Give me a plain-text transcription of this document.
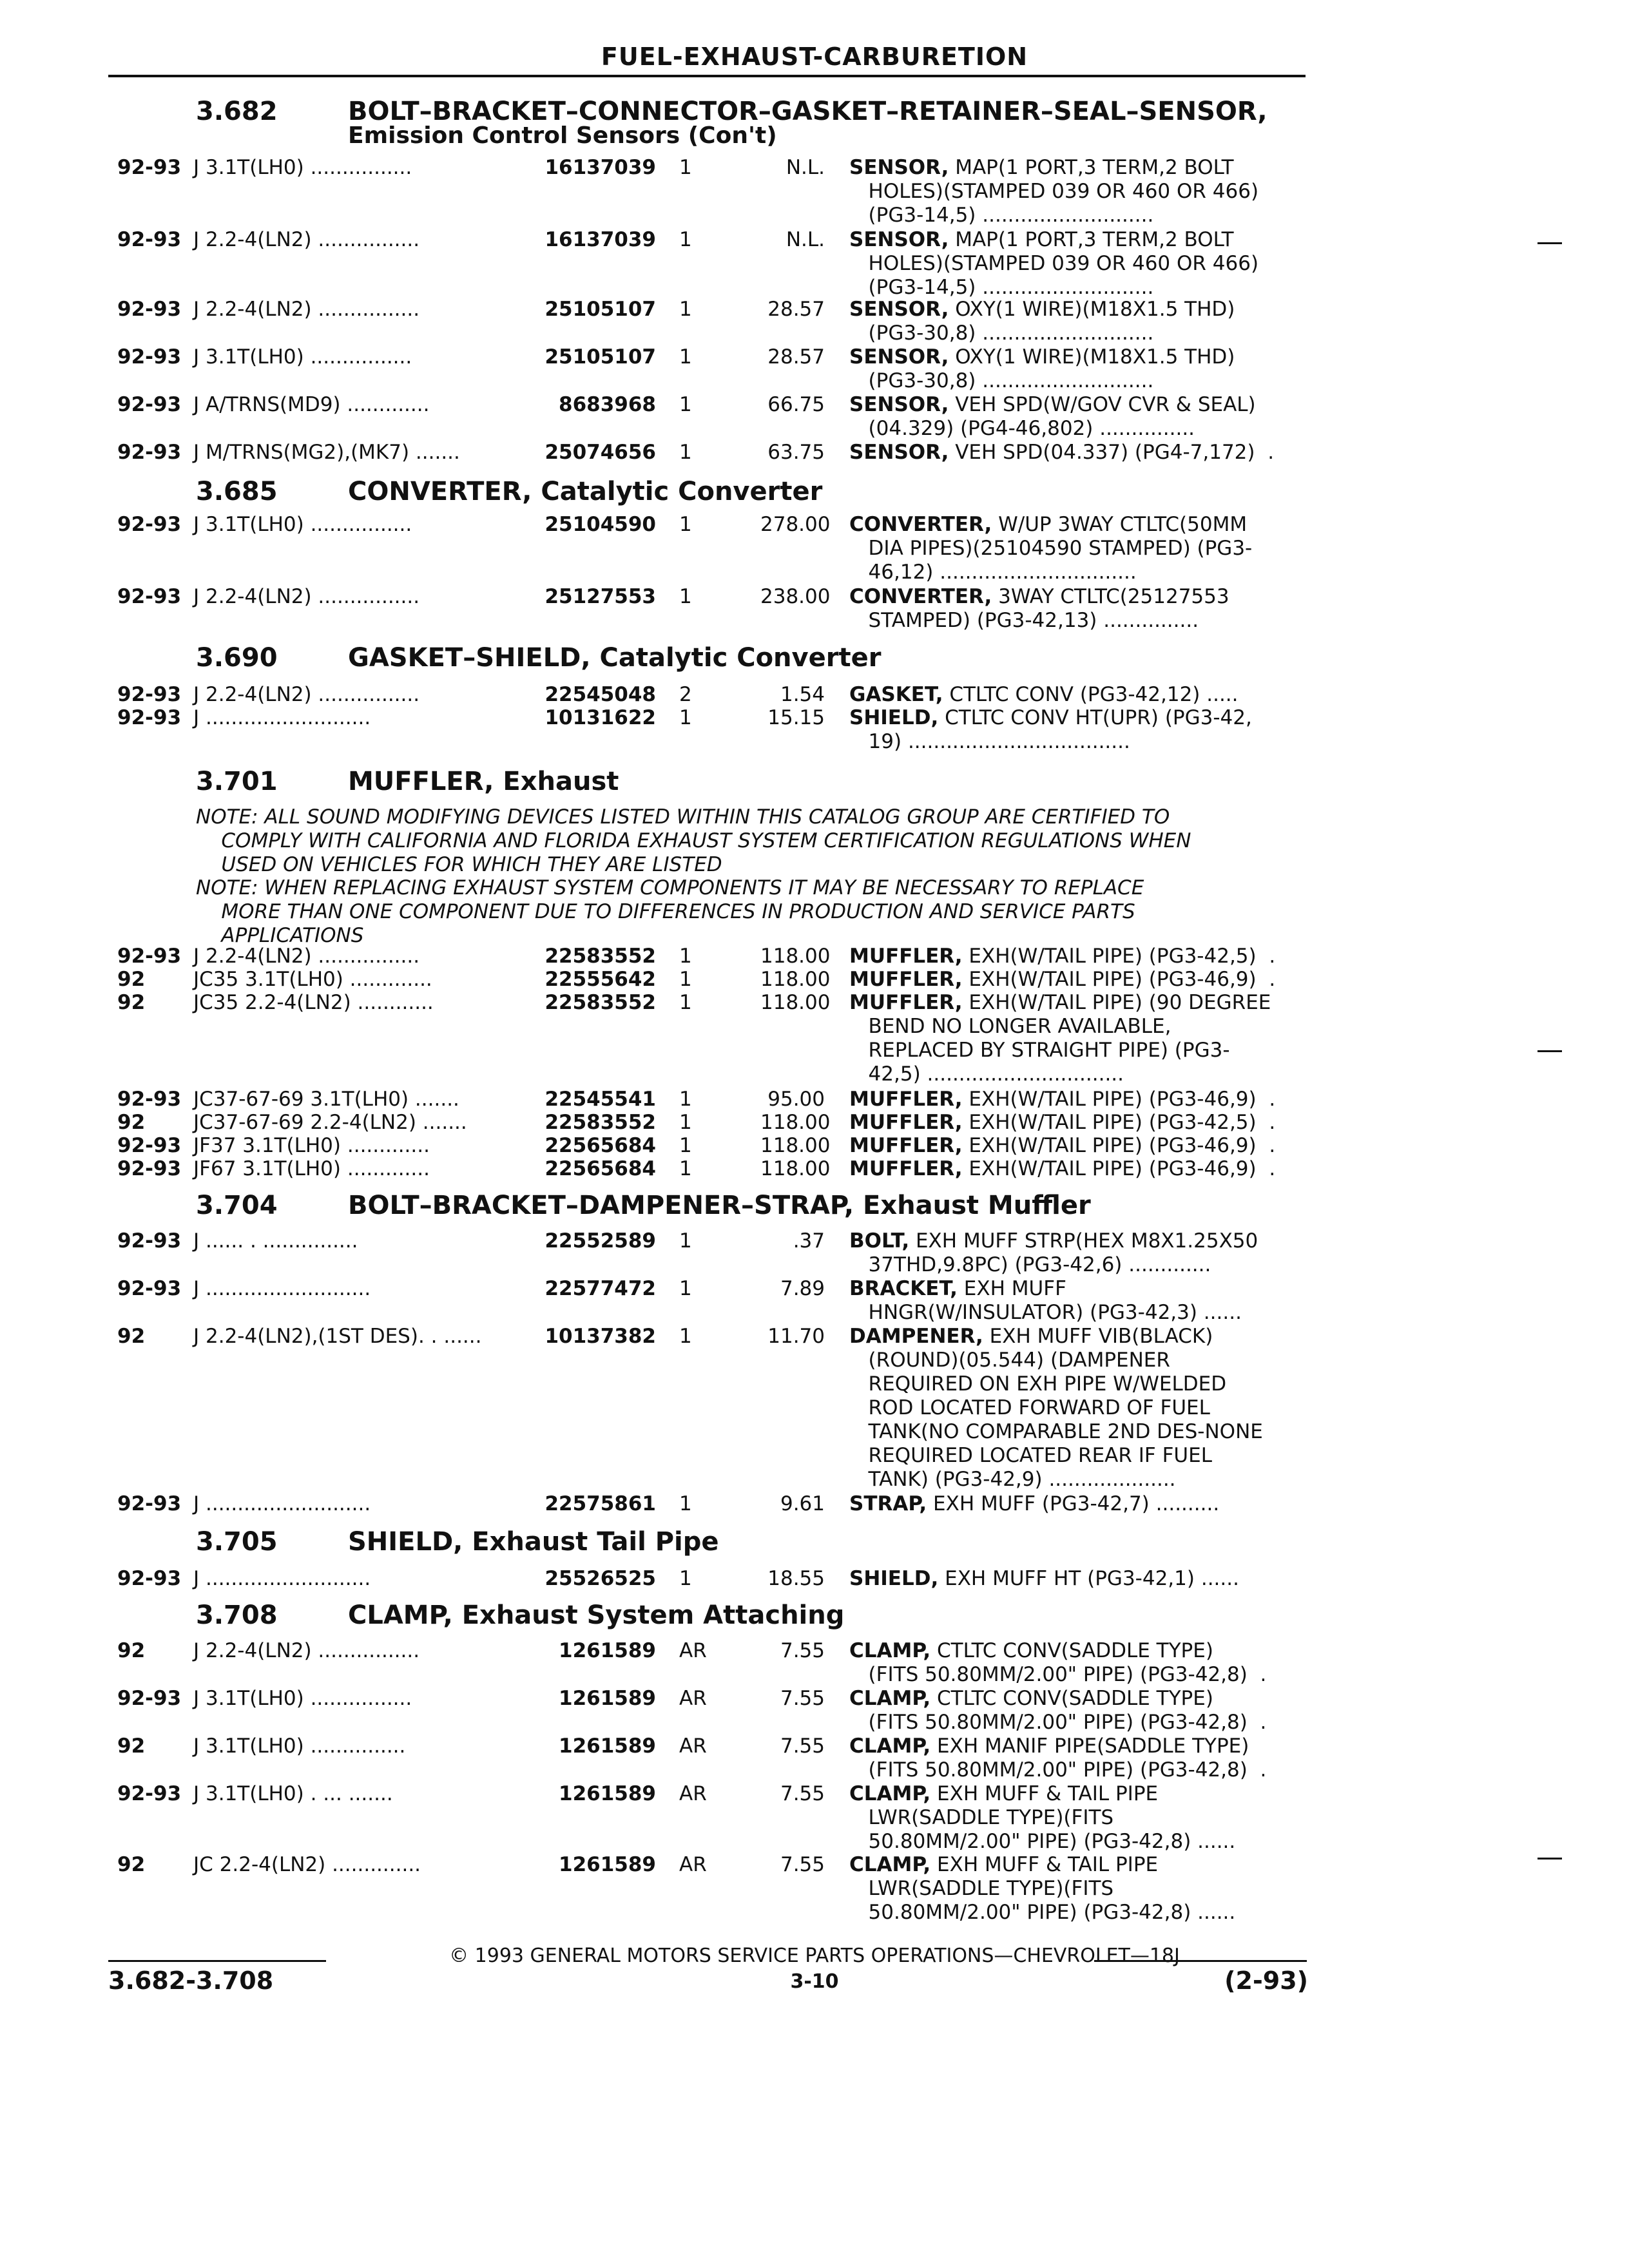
FUEL-EXHAUST-CARBURETION
3.682	BOLT–BRACKET–CONNECTOR–GASKET–RETAINER–SEAL–SENSOR,
Emission Control Sensors (Con't)
3.685	CONVERTER, Catalytic Converter
3.690	GASKET–SHIELD, Catalytic Converter
3.701	MUFFLER, Exhaust
NOTE: ALL SOUND MODIFYING DEVICES LISTED WITHIN THIS CATALOG GROUP ARE CERTIFIED TO
COMPLY WITH CALIFORNIA AND FLORIDA EXHAUST SYSTEM CERTIFICATION REGULATIONS WHEN
USED ON VEHICLES FOR WHICH THEY ARE LISTED
NOTE: WHEN REPLACING EXHAUST SYSTEM COMPONENTS IT MAY BE NECESSARY TO REPLACE
MORE THAN ONE COMPONENT DUE TO DIFFERENCES IN PRODUCTION AND SERVICE PARTS
APPLICATIONS
3.704	BOLT–BRACKET–DAMPENER–STRAP, Exhaust Muffler
3.705	SHIELD, Exhaust Tail Pipe
3.708	CLAMP, Exhaust System Attaching
92-93 J 3.1T(LH0) ................	16137039 1	N.L. SENSOR, MAP(1 PORT,3 TERM,2 BOLT
HOLES)(STAMPED 039 OR 460 OR 466)
(PG3-14,5) ...........................
92-93 J 2.2-4(LN2) ................	16137039 1	N.L. SENSOR, MAP(1 PORT,3 TERM,2 BOLT
HOLES)(STAMPED 039 OR 460 OR 466)
(PG3-14,5) ...........................
92-93 J 2.2-4(LN2) ................	25105107 1	28.57 SENSOR, OXY(1 WIRE)(M18X1.5 THD)
(PG3-30,8) ...........................
92-93 J 3.1T(LH0) ................	25105107 1	28.57 SENSOR, OXY(1 WIRE)(M18X1.5 THD)
(PG3-30,8) ...........................
92-93 J A/TRNS(MD9) .............	8683968 1	66.75 SENSOR, VEH SPD(W/GOV CVR & SEAL)
(04.329) (PG4-46,802) ...............
92-93 J M/TRNS(MG2),(MK7) .......	25074656 1	63.75 SENSOR, VEH SPD(04.337) (PG4-7,172)  .
92-93 J 3.1T(LH0) ................	25104590 1	278.00 CONVERTER, W/UP 3WAY CTLTC(50MM
DIA PIPES)(25104590 STAMPED) (PG3-
46,12) ...............................
92-93 J 2.2-4(LN2) ................	25127553 1	238.00 CONVERTER, 3WAY CTLTC(25127553
STAMPED) (PG3-42,13) ...............
92-93 J 2.2-4(LN2) ................	22545048 2	1.54 GASKET, CTLTC CONV (PG3-42,12) .....
92-93 J ..........................	10131622 1	15.15 SHIELD, CTLTC CONV HT(UPR) (PG3-42,
19) ...................................
92-93 J 2.2-4(LN2) ................	22583552 1	118.00 MUFFLER, EXH(W/TAIL PIPE) (PG3-42,5)  .
92 JC35 3.1T(LH0) .............	22555642 1	118.00 MUFFLER, EXH(W/TAIL PIPE) (PG3-46,9)  .
92 JC35 2.2-4(LN2) ............	22583552 1	118.00 MUFFLER, EXH(W/TAIL PIPE) (90 DEGREE
BEND NO LONGER AVAILABLE,
REPLACED BY STRAIGHT PIPE) (PG3-
42,5) ...............................
92-93 JC37-67-69 3.1T(LH0) .......	22545541 1	95.00 MUFFLER, EXH(W/TAIL PIPE) (PG3-46,9)  .
92 JC37-67-69 2.2-4(LN2) .......	22583552 1	118.00 MUFFLER, EXH(W/TAIL PIPE) (PG3-42,5)  .
92-93 JF37 3.1T(LH0) .............	22565684 1	118.00 MUFFLER, EXH(W/TAIL PIPE) (PG3-46,9)  .
92-93 JF67 3.1T(LH0) .............	22565684 1	118.00 MUFFLER, EXH(W/TAIL PIPE) (PG3-46,9)  .
92-93 J ...... . ...............	22552589 1	.37 BOLT, EXH MUFF STRP(HEX M8X1.25X50
37THD,9.8PC) (PG3-42,6) .............
92-93 J ..........................	22577472 1	7.89 BRACKET, EXH MUFF
HNGR(W/INSULATOR) (PG3-42,3) ......
92 J 2.2-4(LN2),(1ST DES). . ......	10137382 1	11.70 DAMPENER, EXH MUFF VIB(BLACK)
(ROUND)(05.544) (DAMPENER
REQUIRED ON EXH PIPE W/WELDED
ROD LOCATED FORWARD OF FUEL
TANK(NO COMPARABLE 2ND DES-NONE
REQUIRED LOCATED REAR IF FUEL
TANK) (PG3-42,9) ....................
92-93 J ..........................	22575861 1	9.61 STRAP, EXH MUFF (PG3-42,7) ..........
92-93 J ..........................	25526525 1	18.55 SHIELD, EXH MUFF HT (PG3-42,1) ......
92 J 2.2-4(LN2) ................	1261589 AR	7.55 CLAMP, CTLTC CONV(SADDLE TYPE)
(FITS 50.80MM/2.00" PIPE) (PG3-42,8)  .
92-93 J 3.1T(LH0) ................	1261589 AR	7.55 CLAMP, CTLTC CONV(SADDLE TYPE)
(FITS 50.80MM/2.00" PIPE) (PG3-42,8)  .
92 J 3.1T(LH0) ...............	1261589 AR	7.55 CLAMP, EXH MANIF PIPE(SADDLE TYPE)
(FITS 50.80MM/2.00" PIPE) (PG3-42,8)  .
92-93 J 3.1T(LH0) . ... .......	1261589 AR	7.55 CLAMP, EXH MUFF & TAIL PIPE
LWR(SADDLE TYPE)(FITS
50.80MM/2.00" PIPE) (PG3-42,8) ......
92 JC 2.2-4(LN2) ..............	1261589 AR	7.55 CLAMP, EXH MUFF & TAIL PIPE
LWR(SADDLE TYPE)(FITS
50.80MM/2.00" PIPE) (PG3-42,8) ......
© 1993 GENERAL MOTORS SERVICE PARTS OPERATIONS—CHEVROLET—18J
3.682-3.708	3-10	(2-93)
